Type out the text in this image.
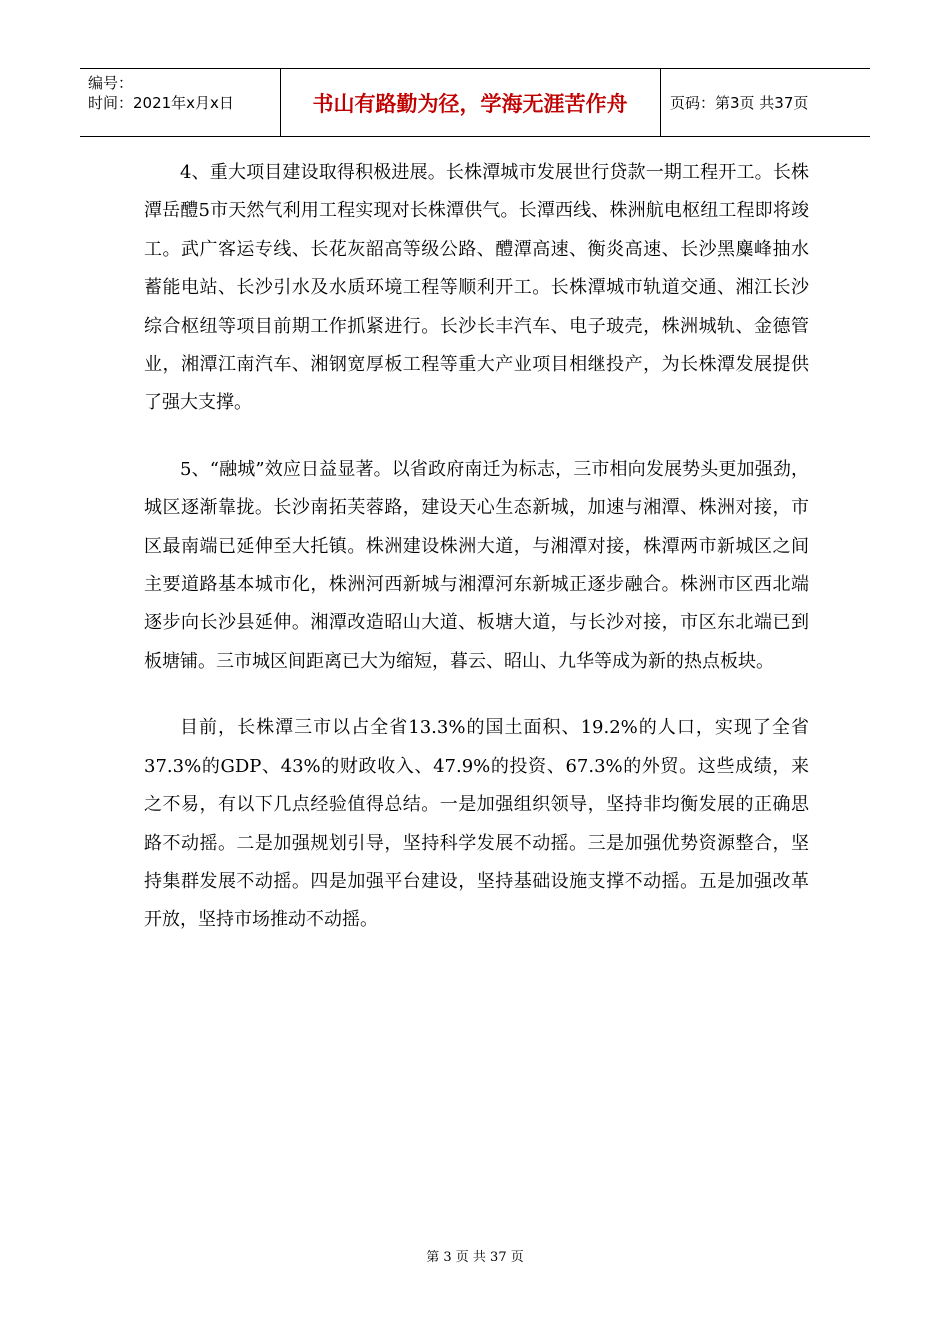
编号：
时间：2021年x月x日	书山有路勤为径，学海无涯苦作舟	页码：第3页 共37页

4、重大项目建设取得积极进展。长株潭城市发展世行贷款一期工程开工。长株潭岳醴5市天然气利用工程实现对长株潭供气。长潭西线、株洲航电枢纽工程即将竣工。武广客运专线、长花灰韶高等级公路、醴潭高速、衡炎高速、长沙黑麋峰抽水蓄能电站、长沙引水及水质环境工程等顺利开工。长株潭城市轨道交通、湘江长沙综合枢纽等项目前期工作抓紧进行。长沙长丰汽车、电子玻壳，株洲城轨、金德管业，湘潭江南汽车、湘钢宽厚板工程等重大产业项目相继投产，为长株潭发展提供了强大支撑。

5、“融城”效应日益显著。以省政府南迁为标志，三市相向发展势头更加强劲，城区逐渐靠拢。长沙南拓芙蓉路，建设天心生态新城，加速与湘潭、株洲对接，市区最南端已延伸至大托镇。株洲建设株洲大道，与湘潭对接，株潭两市新城区之间主要道路基本城市化，株洲河西新城与湘潭河东新城正逐步融合。株洲市区西北端逐步向长沙县延伸。湘潭改造昭山大道、板塘大道，与长沙对接，市区东北端已到板塘铺。三市城区间距离已大为缩短，暮云、昭山、九华等成为新的热点板块。

目前，长株潭三市以占全省13.3%的国土面积、19.2%的人口，实现了全省37.3%的GDP、43%的财政收入、47.9%的投资、67.3%的外贸。这些成绩，来之不易，有以下几点经验值得总结。一是加强组织领导，坚持非均衡发展的正确思路不动摇。二是加强规划引导，坚持科学发展不动摇。三是加强优势资源整合，坚持集群发展不动摇。四是加强平台建设，坚持基础设施支撑不动摇。五是加强改革开放，坚持市场推动不动摇。

第 3 页 共 37 页
